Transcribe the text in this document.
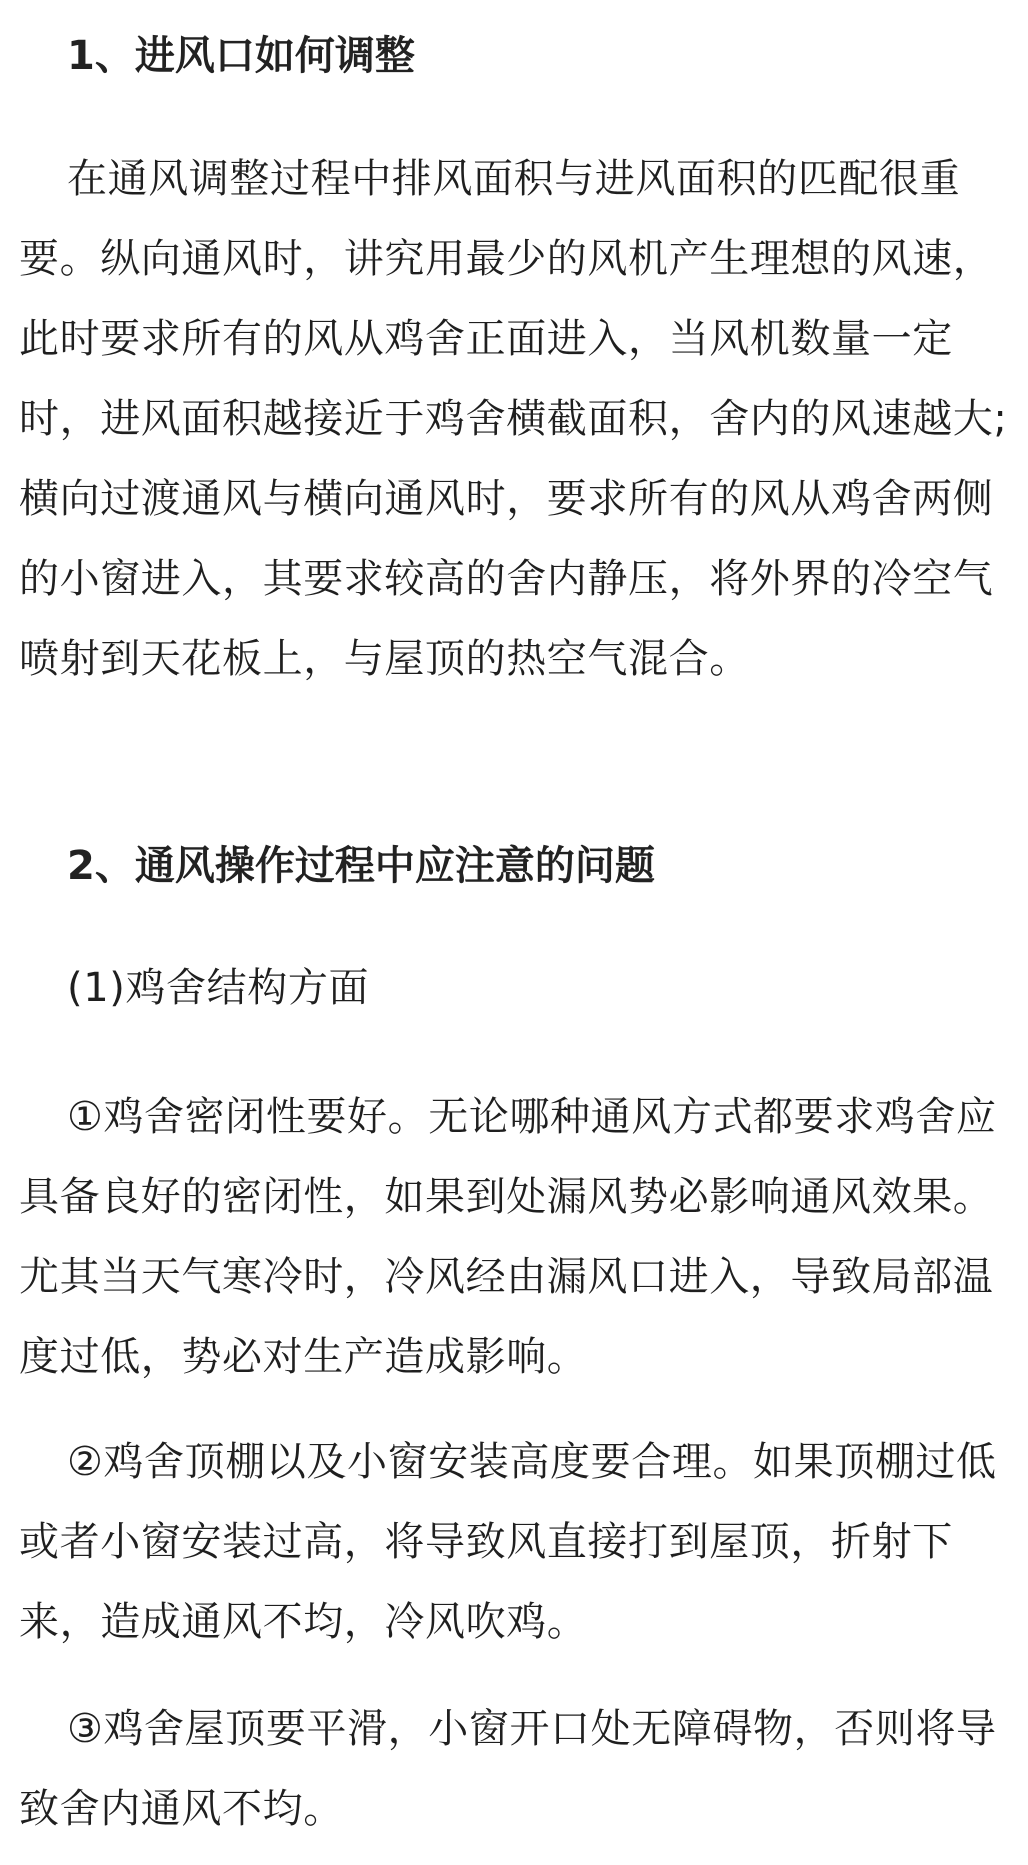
1、进风口如何调整

在通风调整过程中排风面积与进风面积的匹配很重要。纵向通风时，讲究用最少的风机产生理想的风速，此时要求所有的风从鸡舍正面进入，当风机数量一定时，进风面积越接近于鸡舍横截面积，舍内的风速越大;横向过渡通风与横向通风时，要求所有的风从鸡舍两侧的小窗进入，其要求较高的舍内静压，将外界的冷空气喷射到天花板上，与屋顶的热空气混合。

2、通风操作过程中应注意的问题

(1)鸡舍结构方面

①鸡舍密闭性要好。无论哪种通风方式都要求鸡舍应具备良好的密闭性，如果到处漏风势必影响通风效果。尤其当天气寒冷时，冷风经由漏风口进入，导致局部温度过低，势必对生产造成影响。

②鸡舍顶棚以及小窗安装高度要合理。如果顶棚过低或者小窗安装过高，将导致风直接打到屋顶，折射下来，造成通风不均，冷风吹鸡。

③鸡舍屋顶要平滑，小窗开口处无障碍物，否则将导致舍内通风不均。
